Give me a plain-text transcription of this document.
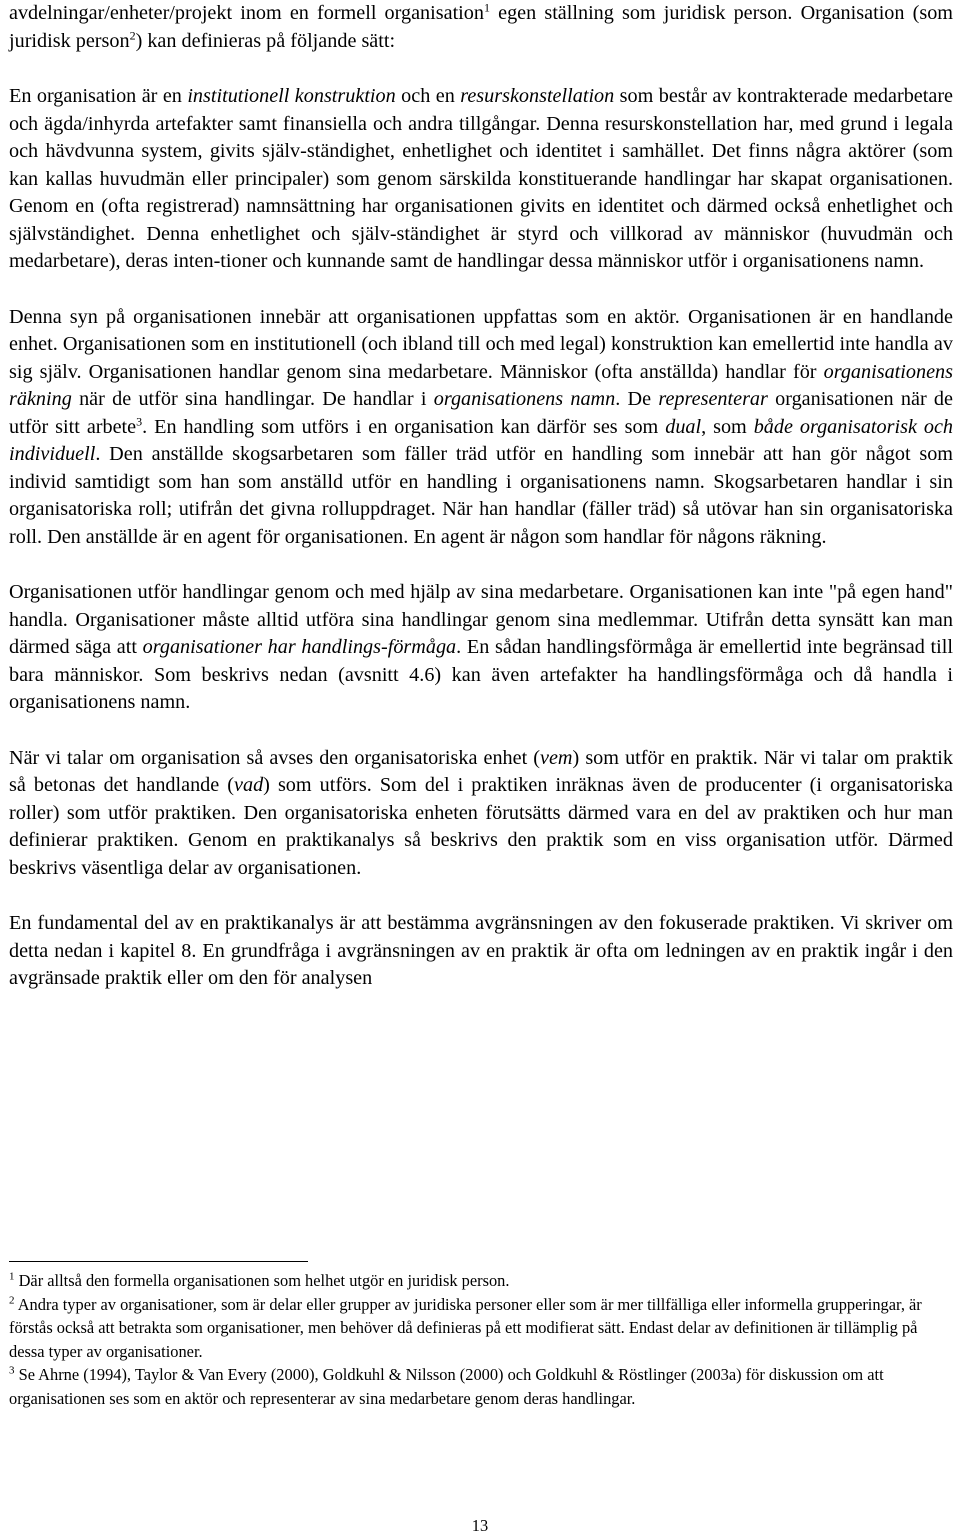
avdelningar/enheter/projekt inom en formell organisation$^1$ egen ställning som juridisk person. Organisation (som juridisk person$^2$) kan definieras på följande sätt:

En organisation är en institutionell konstruktion och en resurskonstellation som består av kontrakterade medarbetare och ägda/inhyrda artefakter samt finansiella och andra tillgångar. Denna resurskonstellation har, med grund i legala och hävdvunna system, givits själv-ständighet, enhetlighet och identitet i samhället. Det finns några aktörer (som kan kallas huvudmän eller principaler) som genom särskilda konstituerande handlingar har skapat organisationen. Genom en (ofta registrerad) namnsättning har organisationen givits en identitet och därmed också enhetlighet och självständighet. Denna enhetlighet och själv-ständighet är styrd och villkorad av människor (huvudmän och medarbetare), deras inten-tioner och kunnande samt de handlingar dessa människor utför i organisationens namn.

Denna syn på organisationen innebär att organisationen uppfattas som en aktör. Organisationen är en handlande enhet. Organisationen som en institutionell (och ibland till och med legal) konstruktion kan emellertid inte handla av sig själv. Organisationen handlar genom sina medarbetare. Människor (ofta anställda) handlar för organisationens räkning när de utför sina handlingar. De handlar i organisationens namn. De representerar organisationen när de utför sitt arbete$^3$. En handling som utförs i en organisation kan därför ses som dual, som både organisatorisk och individuell. Den anställde skogsarbetaren som fäller träd utför en handling som innebär att han gör något som individ samtidigt som han som anställd utför en handling i organisationens namn. Skogsarbetaren handlar i sin organisatoriska roll; utifrån det givna rolluppdraget. När han handlar (fäller träd) så utövar han sin organisatoriska roll. Den anställde är en agent för organisationen. En agent är någon som handlar för någons räkning.

Organisationen utför handlingar genom och med hjälp av sina medarbetare. Organisationen kan inte "på egen hand" handla. Organisationer måste alltid utföra sina handlingar genom sina medlemmar. Utifrån detta synsätt kan man därmed säga att organisationer har handlings-förmåga. En sådan handlingsförmåga är emellertid inte begränsad till bara människor. Som beskrivs nedan (avsnitt 4.6) kan även artefakter ha handlingsförmåga och då handla i organisationens namn.

När vi talar om organisation så avses den organisatoriska enhet (vem) som utför en praktik. När vi talar om praktik så betonas det handlande (vad) som utförs. Som del i praktiken inräknas även de producenter (i organisatoriska roller) som utför praktiken. Den organisatoriska enheten förutsätts därmed vara en del av praktiken och hur man definierar praktiken. Genom en praktikanalys så beskrivs den praktik som en viss organisation utför. Därmed beskrivs väsentliga delar av organisationen.

En fundamental del av en praktikanalys är att bestämma avgränsningen av den fokuserade praktiken. Vi skriver om detta nedan i kapitel 8. En grundfråga i avgränsningen av en praktik är ofta om ledningen av en praktik ingår i den avgränsade praktik eller om den för analysen

$^1$ Där alltså den formella organisationen som helhet utgör en juridisk person.

$^2$ Andra typer av organisationer, som är delar eller grupper av juridiska personer eller som är mer tillfälliga eller informella grupperingar, är förstås också att betrakta som organisationer, men behöver då definieras på ett modifierat sätt. Endast delar av definitionen är tillämplig på dessa typer av organisationer.

$^3$ Se Ahrne (1994), Taylor & Van Every (2000), Goldkuhl & Nilsson (2000) och Goldkuhl & Röstlinger (2003a) för diskussion om att organisationen ses som en aktör och representerar av sina medarbetare genom deras handlingar.

13
